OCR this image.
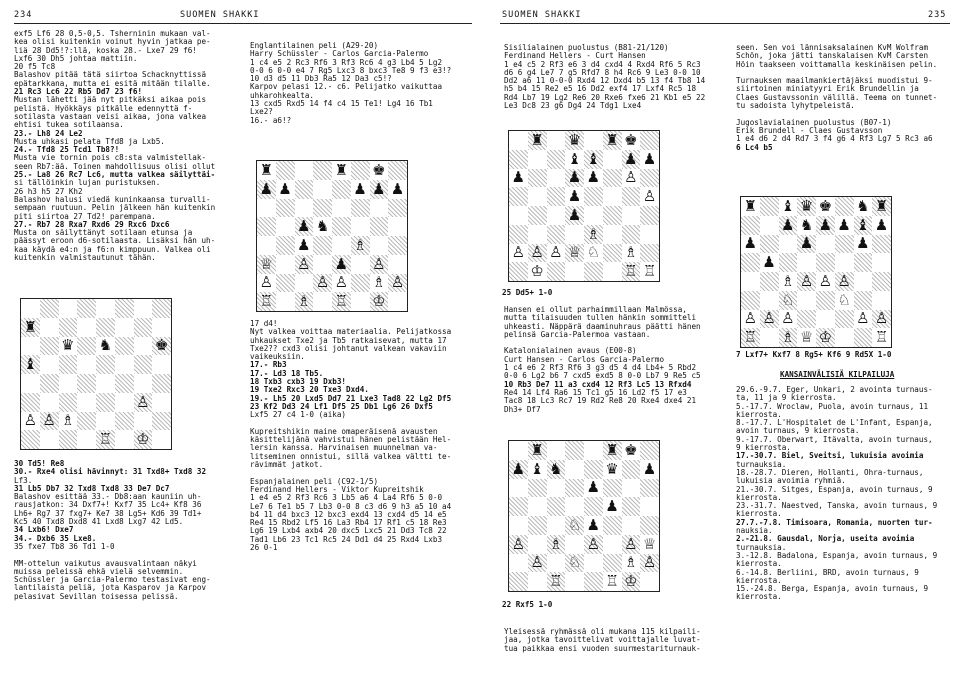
234	SUOMEN SHAKKI

exf5 Lf6 28 0,5-0,5. Tsherninin mukaan val-

kea olisi kuitenkin voinut hyvin jatkaa pe-

liä 28 Dd5!?:llä, koska 28.- Lxe7 29 f6!

Lxf6 30 Dh5 johtaa mattiin.

20 f5 Tc8

Balashov pitää tätä siirtoa Schacknyttissä

epätarkkana, mutta ei esitä mitään tilalle.

21 Rc3 Lc6 22 Rb5 Dd7 23 f6!

Mustan lähetti jää nyt pitkäksi aikaa pois

pelistä. Hyökkäys pitkälle edennyttä f-

sotilasta vastaan veisi aikaa, jona valkea

ehtisi tukea sotilaansa.

23.- Lh8 24 Le2

Musta uhkasi pelata Tfd8 ja Lxb5.

24.- Tfd8 25 Tcd1 Tb8?!

Musta vie tornin pois c8:sta valmistellak-

seen Rb7:ää. Toinen mahdollisuus olisi ollut

25.- La8 26 Rc7 Lc6, mutta valkea säilyttäi-

si tällöinkin lujan puristuksen.

26 h3 h5 27 Kh2

Balashov halusi viedä kuninkaansa turvalli-

sempaan ruutuun. Pelin jälkeen hän kuitenkin

piti siirtoa 27 Td2! parempana.

27.- Rb7 28 Rxa7 Rxd6 29 Rxc6 Dxc6

Musta on säilyttänyt sotilaan etunsa ja

päässyt eroon d6-sotilaasta. Lisäksi hän uh-

kaa käydä e4:n ja f6:n kimppuun. Valkea oli

kuitenkin valmistautunut tähän.

♜
♛ ♞	♚
♝
♙
♙ ♙ ♗
♖ ♔

30 Td5! Re8

30.- Rxe4 olisi hävinnyt: 31 Txd8+ Txd8 32

Lf3.

31 Lb5 Db7 32 Txd8 Txd8 33 De7 Dc7

Balashov esittää 33.- Db8:aan kauniin uh-

rausjatkon: 34 Dxf7+! Kxf7 35 Lc4+ Kf8 36

Lh6+ Rg7 37 fxg7+ Ke7 38 Lg5+ Kd6 39 Td1+

Kc5 40 Txd8 Dxd8 41 Lxd8 Lxg7 42 Ld5.

34 Lxb6! Dxe7

34.- Dxb6 35 Lxe8.

35 fxe7 Tb8 36 Td1 1-0

MM-ottelun vaikutus avausvalintaan näkyi

muissa peleissä ehkä vielä selvemmin.

Schüssler ja Garcia-Palermo testasivat eng-

lantilaista peliä, jota Kasparov ja Karpov

pelasivat Sevillan toisessa pelissä.

Englantilainen peli (A29-20)

Harry Schüssler - Carlos Garcia-Palermo

1 c4 e5 2 Rc3 Rf6 3 Rf3 Rc6 4 g3 Lb4 5 Lg2

0-0 6 0-0 e4 7 Rg5 Lxc3 8 bxc3 Te8 9 f3 e3!?

10 d3 d5 11 Db3 Ra5 12 Da3 c5!?

Karpov pelasi 12.- c6. Pelijatko vaikuttaa

uhkarohkealta.

13 cxd5 Rxd5 14 f4 c4 15 Te1! Lg4 16 Tb1

Lxe2?

16.- a6!?

♜	♜ ♚
♟ ♟	♟ ♟ ♟
♟ ♞
♟	♗
♕ ♙ ♟ ♙
♙	♙ ♙ ♗ ♙
♖ ♗ ♖ ♔

17 d4!

Nyt valkea voittaa materiaalia. Pelijatkossa

uhkaukset Txe2 ja Tb5 ratkaisevat, mutta 17

Txe2?? cxd3 olisi johtanut valkean vakaviin

vaikeuksiin.

17.- Rb3

17.- Ld3 18 Tb5.

18 Txb3 cxb3 19 Dxb3!

19 Txe2 Rxc3 20 Txe3 Dxd4.

19.- Lh5 20 Lxd5 Dd7 21 Lxe3 Tad8 22 Lg2 Df5

23 Kf2 Dd3 24 Lf1 Df5 25 Db1 Lg6 26 Dxf5

Lxf5 27 c4 1-0 (aika)

Kupreitshikin maine omaperäisenä avausten

käsittelijänä vahvistui hänen pelistään Hel-

lersin kanssa. Harvinaisen muunnelman va-

litseminen onnistui, sillä valkea vältti te-

rävimmät jatkot.

Espanjalainen peli (C92-1/5)

Ferdinand Hellers - Viktor Kupreitshik

1 e4 e5 2 Rf3 Rc6 3 Lb5 a6 4 La4 Rf6 5 0-0

Le7 6 Te1 b5 7 Lb3 0-0 8 c3 d6 9 h3 a5 10 a4

b4 11 d4 bxc3 12 bxc3 exd4 13 cxd4 d5 14 e5

Re4 15 Rbd2 Lf5 16 La3 Rb4 17 Rf1 c5 18 Re3

Lg6 19 Lxb4 axb4 20 dxc5 Lxc5 21 Dd3 Tc8 22

Tad1 Lb6 23 Tc1 Rc5 24 Dd1 d4 25 Rxd4 Lxb3

26 0-1

SUOMEN SHAKKI	235

Sisilialainen puolustus (B81-21/120)

Ferdinand Hellers - Curt Hansen

1 e4 c5 2 Rf3 e6 3 d4 cxd4 4 Rxd4 Rf6 5 Rc3

d6 6 g4 Le7 7 g5 Rfd7 8 h4 Rc6 9 Le3 0-0 10

Dd2 a6 11 0-0-0 Rxd4 12 Dxd4 b5 13 f4 Tb8 14

h5 b4 15 Re2 e5 16 Dd2 exf4 17 Lxf4 Rc5 18

Rd4 Lb7 19 Lg2 Re6 20 Rxe6 fxe6 21 Kb1 e5 22

Le3 Dc8 23 g6 Dg4 24 Tdg1 Lxe4

♜ ♛ ♜ ♚
♝ ♝ ♟ ♟
♟	♟ ♟ ♙
♟	♙
♟
♗
♙ ♙ ♙ ♕ ♘ ♗
♔	♖ ♖
25 Dd5+ 1-0

Hansen ei ollut parhaimmillaan Malmössa,

mutta tilaisuuden tullen hänkin sommitteli

uhkeasti. Näppärä daaminuhraus päätti hänen

pelinsä Garcia-Palermoa vastaan.

Katalonialainen avaus (E00-8)

Curt Hansen - Carlos Garcia-Palermo

1 c4 e6 2 Rf3 Rf6 3 g3 d5 4 d4 Lb4+ 5 Rbd2

0-0 6 Lg2 b6 7 cxd5 exd5 8 0-0 Lb7 9 Re5 c5

10 Rb3 De7 11 a3 cxd4 12 Rf3 Lc5 13 Rfxd4

Re4 14 Lf4 Ra6 15 Tc1 g5 16 Ld2 f5 17 e3

Tac8 18 Lc3 Rc7 19 Rd2 Re8 20 Rxe4 dxe4 21

Dh3+ Df7

♜	♜ ♚
♟ ♝ ♞	♛ ♟
♟
♟
♘ ♟
♙ ♗ ♙ ♙ ♕
♙ ♘	♗ ♙
♖	♖ ♔
22 Rxf5 1-0

Yleisessä ryhmässä oli mukana 115 kilpaili-

jaa, jotka tavoittelivat voittajalle luvat-

tua paikkaa ensi vuoden suurmestariturnauk-

seen. Sen voi lännisaksalainen KvM Wolfram

Schön, joka jätti tanskalaisen KvM Carsten

Höin taakseen voittamalla keskinäisen pelin.

Turnauksen maailmankiertäjäksi muodistui 9-

siirtoinen miniatyyri Erik Brundellin ja

Claes Gustavssonin välillä. Teema on tunnet-

tu sadoista lyhytpeleistä.

Jugoslavialainen puolustus (B07-1)

Erik Brundell - Claes Gustavsson

1 e4 d6 2 d4 Rd7 3 f4 g6 4 Rf3 Lg7 5 Rc3 a6

6 Lc4 b5

♜ ♝ ♛ ♚ ♞ ♜
♟ ♞ ♟ ♟ ♝ ♟
♟	♟	♟
♟
♗ ♙ ♙ ♙
♘	♘
♙ ♙ ♙	♙ ♙
♖ ♗ ♕ ♔	♖
7 Lxf7+ Kxf7 8 Rg5+ Kf6 9 Rd5X 1-0
KANSAINVÄLISIÄ KILPAILUJA

29.6.-9.7. Eger, Unkari, 2 avointa turnaus-

ta, 11 ja 9 kierrosta.

5.-17.7. Wroclaw, Puola, avoin turnaus, 11

kierrosta.

8.-17.7. L'Hospitalet de L'Infant, Espanja,

avoin turnaus, 9 kierrosta.

9.-17.7. Oberwart, Itävalta, avoin turnaus,

9 kierrosta.

17.-30.7. Biel, Sveitsi, lukuisia avoimia

turnauksia.

18.-28.7. Dieren, Hollanti, Ohra-turnaus,

lukuisia avoimia ryhmiä.

21.-30.7. Sitges, Espanja, avoin turnaus, 9

kierrosta.

23.-31.7. Naestved, Tanska, avoin turnaus, 9

kierrosta.

27.7.-7.8. Timisoara, Romania, nuorten tur-

nauksia.

2.-21.8. Gausdal, Norja, useita avoimia

turnauksia.

3.-12.8. Badalona, Espanja, avoin turnaus, 9

kierrosta.

6.-14.8. Berliini, BRD, avoin turnaus, 9

kierrosta.

15.-24.8. Berga, Espanja, avoin turnaus, 9

kierrosta.
